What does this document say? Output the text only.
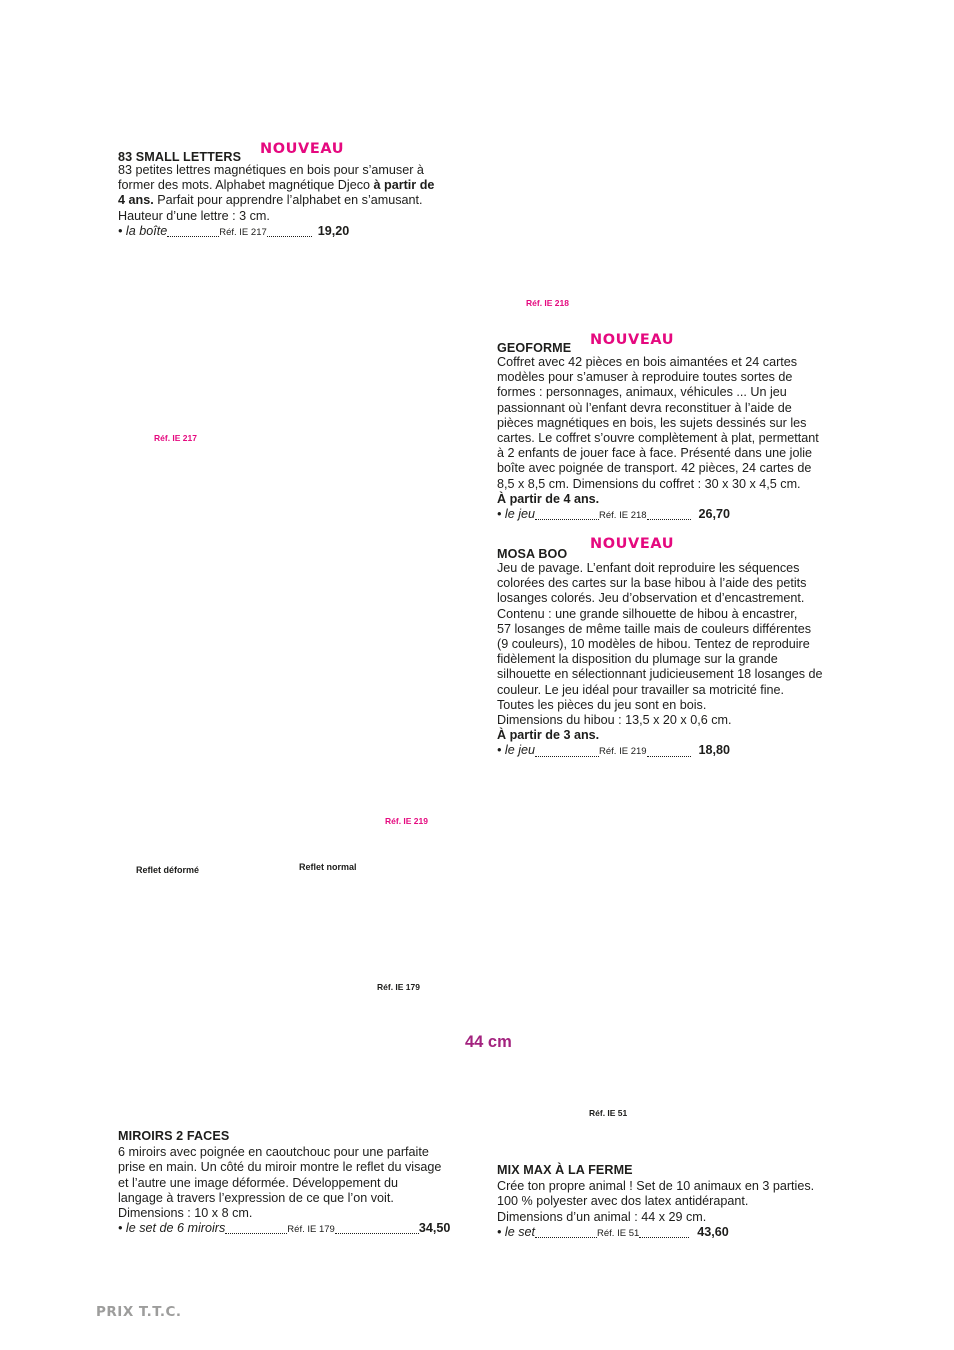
83 SMALL LETTERS NOUVEAU

83 petites lettres magnétiques en bois pour s’amuser à

former des mots. Alphabet magnétique Djeco à partir de

4 ans. Parfait pour apprendre l’alphabet en s’amusant.

Hauteur d’une lettre : 3 cm.

• la boîte	Réf. IE 217	19,20
Réf. IE 218
Réf. IE 217
GEOFORME NOUVEAU

Coffret avec 42 pièces en bois aimantées et 24 cartes

modèles pour s’amuser à reproduire toutes sortes de

formes : personnages, animaux, véhicules ... Un jeu

passionnant où l’enfant devra reconstituer à l’aide de

pièces magnétiques en bois, les sujets dessinés sur les

cartes. Le coffret s’ouvre complètement à plat, permettant

à 2 enfants de jouer face à face. Présenté dans une jolie

boîte avec poignée de transport. 42 pièces, 24 cartes de

8,5 x 8,5 cm. Dimensions du coffret : 30 x 30 x 4,5 cm.

À partir de 4 ans.

• le jeu	Réf. IE 218	26,70
MOSA BOO
NOUVEAU

Jeu de pavage. L’enfant doit reproduire les séquences

colorées des cartes sur la base hibou à l’aide des petits

losanges colorés. Jeu d’observation et d’encastrement.

Contenu : une grande silhouette de hibou à encastrer,

57 losanges de même taille mais de couleurs différentes

(9 couleurs), 10 modèles de hibou. Tentez de reproduire

fidèlement la disposition du plumage sur la grande

silhouette en sélectionnant judicieusement 18 losanges de

couleur. Le jeu idéal pour travailler sa motricité fine.

Toutes les pièces du jeu sont en bois.

Dimensions du hibou : 13,5 x 20 x 0,6 cm.

À partir de 3 ans.

• le jeu	Réf. IE 219	18,80
Réf. IE 219
Reflet déformé	Reflet normal
Réf. IE 179
44 cm
Réf. IE 51

MIROIRS 2 FACES

6 miroirs avec poignée en caoutchouc pour une parfaite

prise en main. Un côté du miroir montre le reflet du visage

et l’autre une image déformée. Développement du

langage à travers l’expression de ce que l’on voit.

Dimensions : 10 x 8 cm.

• le set de 6 miroirs	Réf. IE 179	34,50

MIX MAX À LA FERME

Crée ton propre animal ! Set de 10 animaux en 3 parties.

100 % polyester avec dos latex antidérapant.

Dimensions d’un animal : 44 x 29 cm.

• le set	Réf. IE 51	43,60
PRIX T.T.C.
